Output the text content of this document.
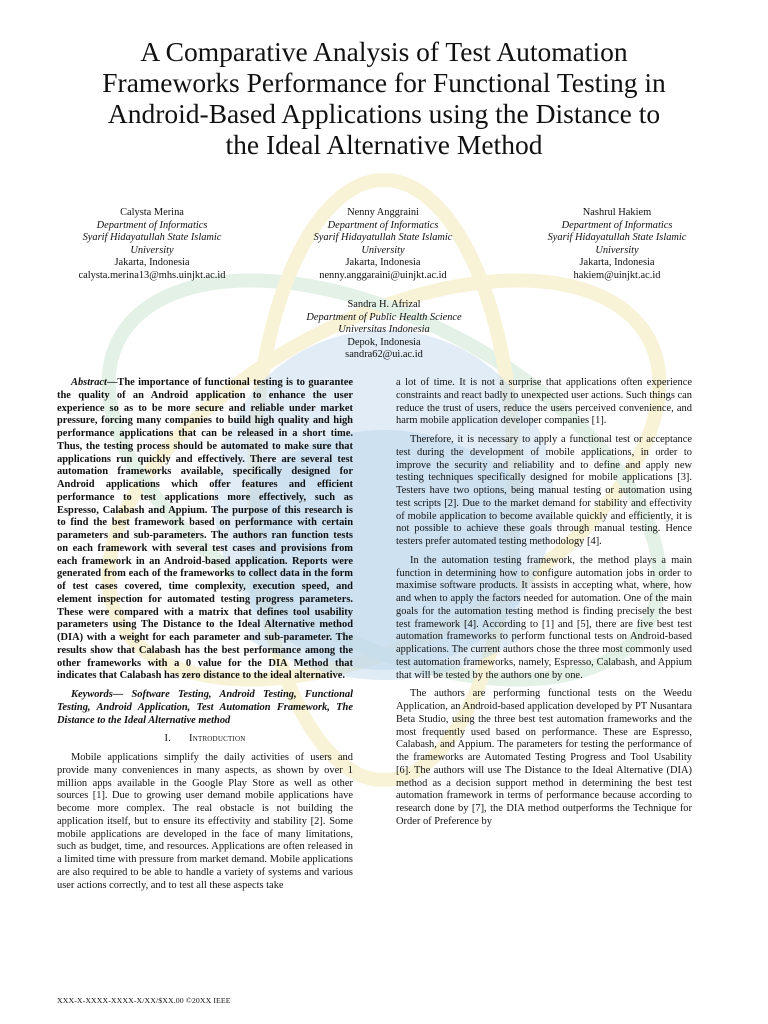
A Comparative Analysis of Test Automation
Frameworks Performance for Functional Testing in
Android-Based Applications using the Distance to
the Ideal Alternative Method
Calysta Merina
Department of Informatics
Syarif Hidayatullah State Islamic
University
Jakarta, Indonesia
calysta.merina13@mhs.uinjkt.ac.id
Nenny Anggraini
Department of Informatics
Syarif Hidayatullah State Islamic
University
Jakarta, Indonesia
nenny.anggaraini@uinjkt.ac.id
Nashrul Hakiem
Department of Informatics
Syarif Hidayatullah State Islamic
University
Jakarta, Indonesia
hakiem@uinjkt.ac.id
Sandra H. Afrizal
Department of Public Health Science
Universitas Indonesia
Depok, Indonesia
sandra62@ui.ac.id

Abstract—The importance of functional testing is to guarantee the quality of an Android application to enhance the user experience so as to be more secure and reliable under market pressure, forcing many companies to build high quality and high performance applications that can be released in a short time. Thus, the testing process should be automated to make sure that applications run quickly and effectively. There are several test automation frameworks available, specifically designed for Android applications which offer features and efficient performance to test applications more effectively, such as Espresso, Calabash and Appium. The purpose of this research is to find the best framework based on performance with certain parameters and sub-parameters. The authors ran function tests on each framework with several test cases and provisions from each framework in an Android-based application. Reports were generated from each of the frameworks to collect data in the form of test cases covered, time complexity, execution speed, and element inspection for automated testing progress parameters. These were compared with a matrix that defines tool usability parameters using The Distance to the Ideal Alternative method (DIA) with a weight for each parameter and sub-parameter. The results show that Calabash has the best performance among the other frameworks with a 0 value for the DIA Method that indicates that Calabash has zero distance to the ideal alternative.

Keywords— Software Testing, Android Testing, Functional Testing, Android Application, Test Automation Framework, The Distance to the Ideal Alternative method

I. Introduction

Mobile applications simplify the daily activities of users and provide many conveniences in many aspects, as shown by over 1 million apps available in the Google Play Store as well as other sources [1]. Due to growing user demand mobile applications have become more complex. The real obstacle is not building the application itself, but to ensure its effectivity and stability [2]. Some mobile applications are developed in the face of many limitations, such as budget, time, and resources. Applications are often released in a limited time with pressure from market demand. Mobile applications are also required to be able to handle a variety of systems and various user actions correctly, and to test all these aspects take

a lot of time. It is not a surprise that applications often experience constraints and react badly to unexpected user actions. Such things can reduce the trust of users, reduce the users perceived convenience, and harm mobile application developer companies [1].

Therefore, it is necessary to apply a functional test or acceptance test during the development of mobile applications, in order to improve the security and reliability and to define and apply new testing techniques specifically designed for mobile applications [3]. Testers have two options, being manual testing or automation using test scripts [2]. Due to the market demand for stability and effectivity of mobile application to become available quickly and efficiently, it is not possible to achieve these goals through manual testing. Hence testers prefer automated testing methodology [4].

In the automation testing framework, the method plays a main function in determining how to configure automation jobs in order to maximise software products. It assists in accepting what, where, how and when to apply the factors needed for automation. One of the main goals for the automation testing method is finding precisely the best test framework [4]. According to [1] and [5], there are five best test automation frameworks to perform functional tests on Android-based applications. The current authors chose the three most commonly used test automation frameworks, namely, Espresso, Calabash, and Appium that will be tested by the authors one by one.

The authors are performing functional tests on the Weedu Application, an Android-based application developed by PT Nusantara Beta Studio, using the three best test automation frameworks and the most frequently used based on performance. These are Espresso, Calabash, and Appium. The parameters for testing the performance of the frameworks are Automated Testing Progress and Tool Usability [6]. The authors will use The Distance to the Ideal Alternative (DIA) method as a decision support method in determining the best test automation framework in terms of performance because according to research done by [7], the DIA method outperforms the Technique for Order of Preference by

XXX-X-XXXX-XXXX-X/XX/$XX.00 ©20XX IEEE
